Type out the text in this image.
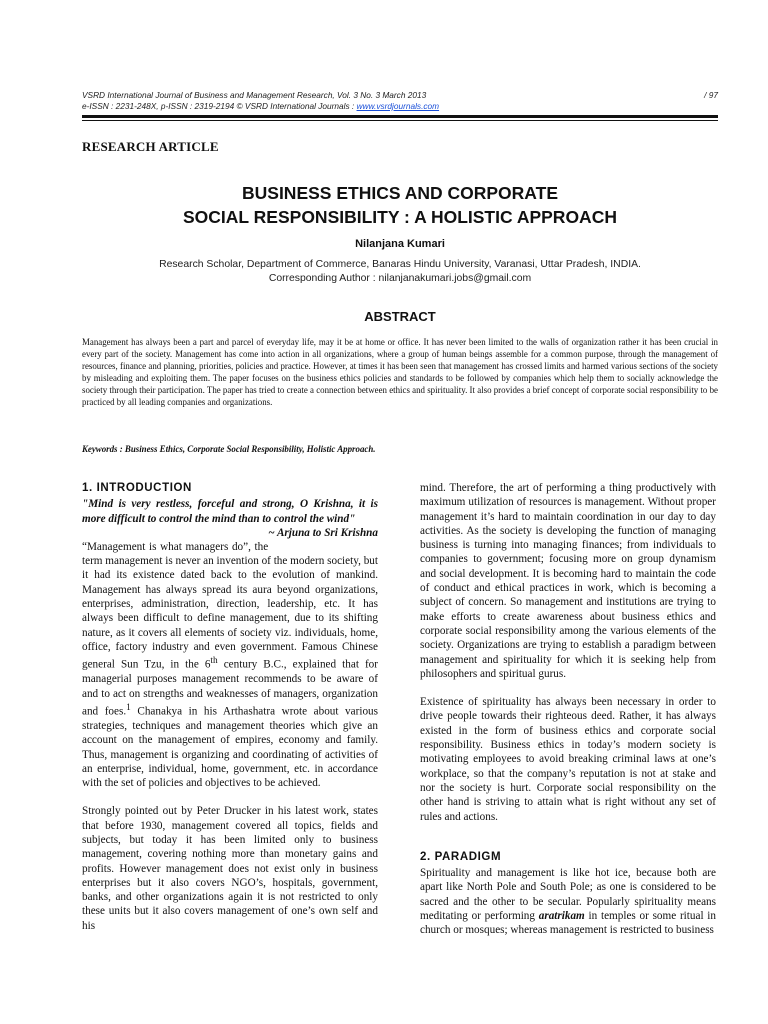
VSRD International Journal of Business and Management Research, Vol. 3 No. 3 March 2013	/ 97
e-ISSN : 2231-248X, p-ISSN : 2319-2194 © VSRD International Journals : www.vsrdjournals.com
RESEARCH ARTICLE
BUSINESS ETHICS AND CORPORATE
SOCIAL RESPONSIBILITY : A HOLISTIC APPROACH
Nilanjana Kumari
Research Scholar, Department of Commerce, Banaras Hindu University, Varanasi, Uttar Pradesh, INDIA.
Corresponding Author : nilanjanakumari.jobs@gmail.com
ABSTRACT
Management has always been a part and parcel of everyday life, may it be at home or office. It has never been limited to the walls of organization rather it has been crucial in every part of the society. Management has come into action in all organizations, where a group of human beings assemble for a common purpose, through the management of resources, finance and planning, priorities, policies and practice. However, at times it has been seen that management has crossed limits and harmed various sections of the society by misleading and exploiting them. The paper focuses on the business ethics policies and standards to be followed by companies which help them to socially acknowledge the society through their participation. The paper has tried to create a connection between ethics and spirituality. It also provides a brief concept of corporate social responsibility to be practiced by all leading companies and organizations.
Keywords : Business Ethics, Corporate Social Responsibility, Holistic Approach.
1. INTRODUCTION

"Mind is very restless, forceful and strong, O Krishna, it is more difficult to control the mind than to control the wind"
~ Arjuna to Sri Krishna

“Management is what managers do”, the term management is never an invention of the modern society, but it had its existence dated back to the evolution of mankind. Management has always spread its aura beyond organizations, enterprises, administration, direction, leadership, etc. It has always been difficult to define management, due to its shifting nature, as it covers all elements of society viz. individuals, home, office, factory industry and even government. Famous Chinese general Sun Tzu, in the 6th century B.C., explained that for managerial purposes management recommends to be aware of and to act on strengths and weaknesses of managers, organization and foes.$^1$ Chanakya in his Arthashatra wrote about various strategies, techniques and management theories which give an account on the management of empires, economy and family. Thus, management is organizing and coordinating of activities of an enterprise, individual, home, government, etc. in accordance with the set of policies and objectives to be achieved.

Strongly pointed out by Peter Drucker in his latest work, states that before 1930, management covered all topics, fields and subjects, but today it has been limited only to business management, covering nothing more than monetary gains and profits. However management does not exist only in business enterprises but it also covers NGO’s, hospitals, government, banks, and other organizations again it is not restricted to only these units but it also covers management of one’s own self and his

mind. Therefore, the art of performing a thing productively with maximum utilization of resources is management. Without proper management it’s hard to maintain coordination in our day to day activities. As the society is developing the function of managing business is turning into managing finances; from individuals to companies to government; focusing more on group dynamism and social development. It is becoming hard to maintain the code of conduct and ethical practices in work, which is becoming a subject of concern. So management and institutions are trying to make efforts to create awareness about business ethics and corporate social responsibility among the various elements of the society. Organizations are trying to establish a paradigm between management and spirituality for which it is seeking help from philosophers and spiritual gurus.

Existence of spirituality has always been necessary in order to drive people towards their righteous deed. Rather, it has always existed in the form of business ethics and corporate social responsibility. Business ethics in today’s modern society is motivating employees to avoid breaking criminal laws at one’s workplace, so that the company’s reputation is not at stake and nor the society is hurt. Corporate social responsibility on the other hand is striving to attain what is right without any set of rules and actions.

2. PARADIGM

Spirituality and management is like hot ice, because both are apart like North Pole and South Pole; as one is considered to be sacred and the other to be secular. Popularly spirituality means meditating or performing aratrikam in temples or some ritual in church or mosques; whereas management is restricted to business
